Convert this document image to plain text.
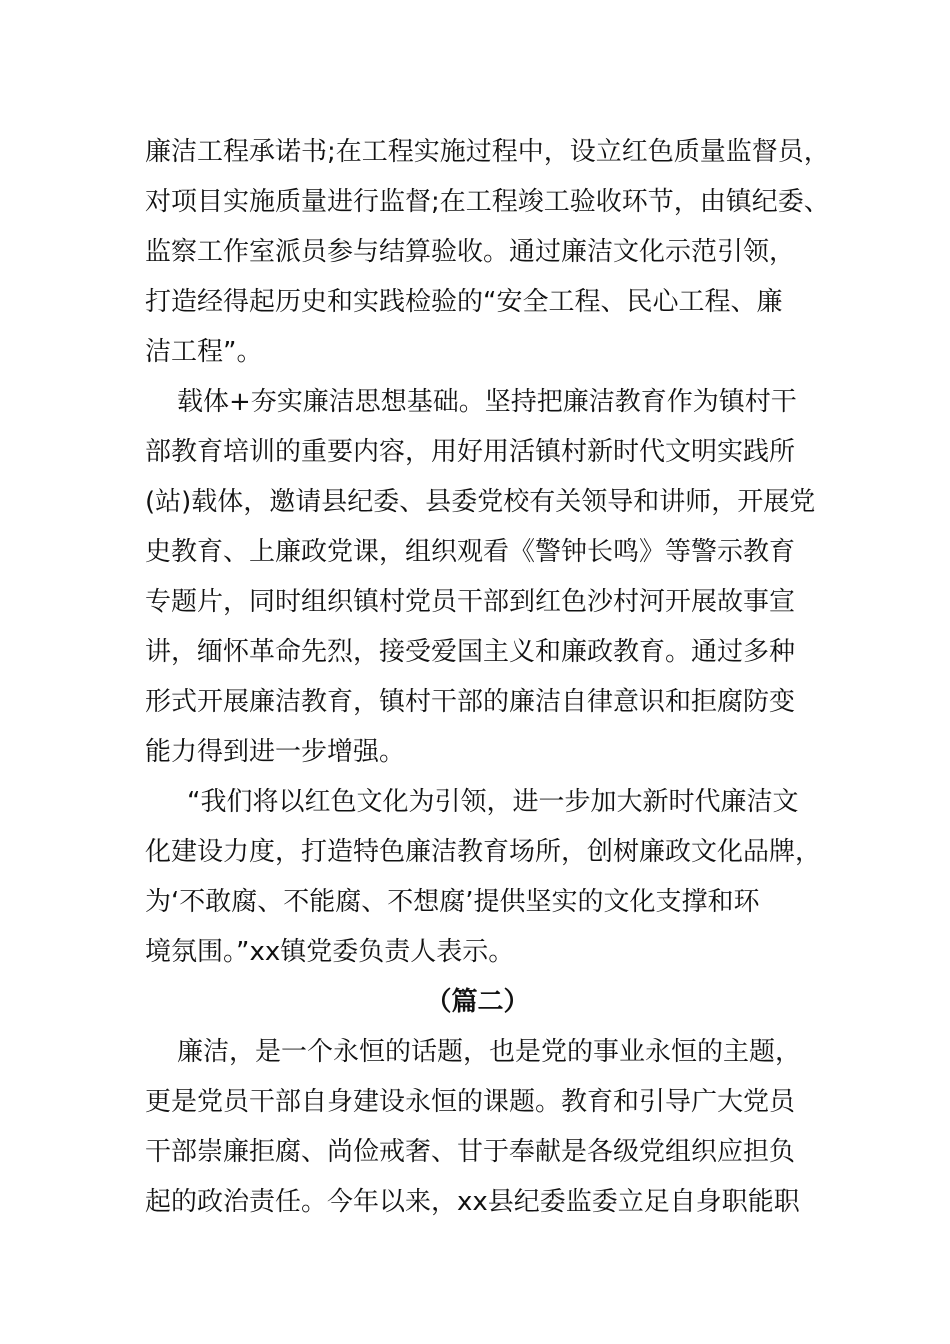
廉洁工程承诺书;在工程实施过程中，设立红色质量监督员，
对项目实施质量进行监督;在工程竣工验收环节，由镇纪委、
监察工作室派员参与结算验收。通过廉洁文化示范引领，
打造经得起历史和实践检验的“安全工程、民心工程、廉
洁工程”。
载体+夯实廉洁思想基础。坚持把廉洁教育作为镇村干
部教育培训的重要内容，用好用活镇村新时代文明实践所
(站)载体，邀请县纪委、县委党校有关领导和讲师，开展党
史教育、上廉政党课，组织观看《警钟长鸣》等警示教育
专题片，同时组织镇村党员干部到红色沙村河开展故事宣
讲，缅怀革命先烈，接受爱国主义和廉政教育。通过多种
形式开展廉洁教育，镇村干部的廉洁自律意识和拒腐防变
能力得到进一步增强。
“我们将以红色文化为引领，进一步加大新时代廉洁文
化建设力度，打造特色廉洁教育场所，创树廉政文化品牌，
为‘不敢腐、不能腐、不想腐’提供坚实的文化支撑和环
境氛围。”xx镇党委负责人表示。
（篇二）
廉洁，是一个永恒的话题，也是党的事业永恒的主题，
更是党员干部自身建设永恒的课题。教育和引导广大党员
干部崇廉拒腐、尚俭戒奢、甘于奉献是各级党组织应担负
起的政治责任。今年以来，xx县纪委监委立足自身职能职
